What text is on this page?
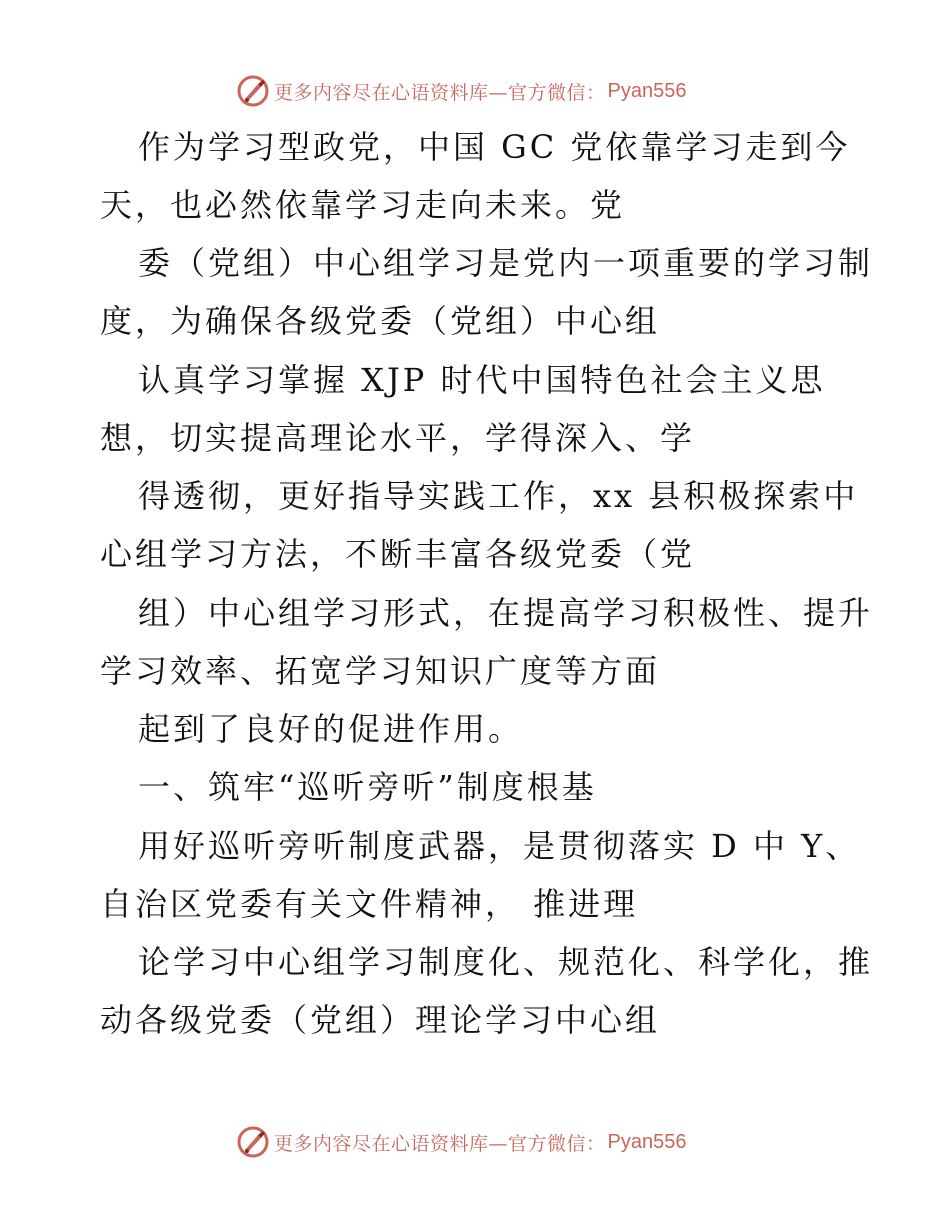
更多内容尽在心语资料库—官方微信： Pyan556

作为学习型政党，中国 GC 党依靠学习走到今

天，也必然依靠学习走向未来。党

委（党组）中心组学习是党内一项重要的学习制

度，为确保各级党委（党组）中心组

认真学习掌握 XJP 时代中国特色社会主义思

想，切实提高理论水平，学得深入、学

得透彻，更好指导实践工作，xx 县积极探索中

心组学习方法，不断丰富各级党委（党

组）中心组学习形式，在提高学习积极性、提升

学习效率、拓宽学习知识广度等方面

起到了良好的促进作用。

一、筑牢“巡听旁听”制度根基

用好巡听旁听制度武器，是贯彻落实 D 中 Y、

自治区党委有关文件精神， 推进理

论学习中心组学习制度化、规范化、科学化，推

动各级党委（党组）理论学习中心组

更多内容尽在心语资料库—官方微信： Pyan556
